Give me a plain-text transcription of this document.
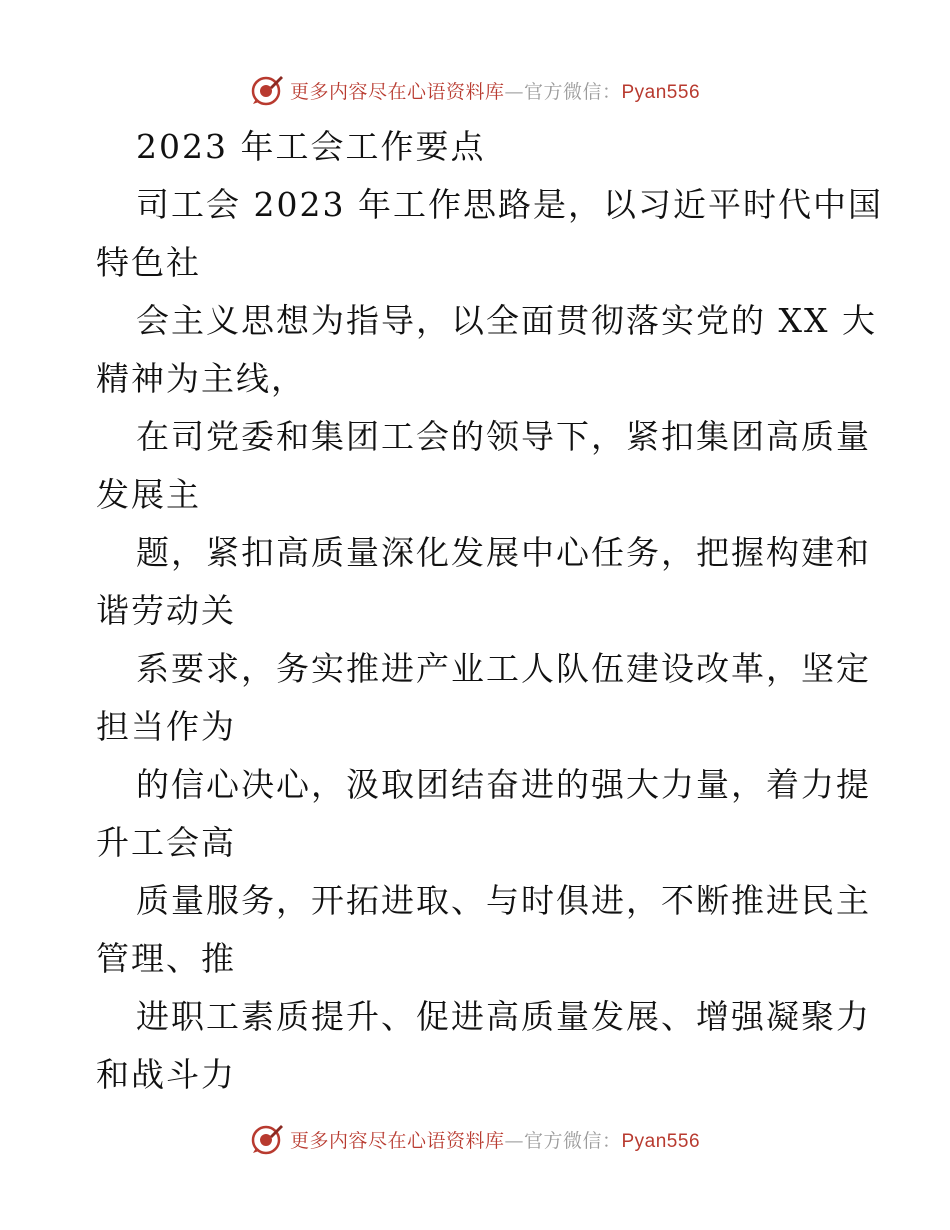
更多内容尽在心语资料库—官方微信：Pyan556
2023 年工会工作要点
司工会 2023 年工作思路是，以习近平时代中国
特色社
会主义思想为指导，以全面贯彻落实党的 XX 大
精神为主线，
在司党委和集团工会的领导下，紧扣集团高质量
发展主
题，紧扣高质量深化发展中心任务，把握构建和
谐劳动关
系要求，务实推进产业工人队伍建设改革，坚定
担当作为
的信心决心，汲取团结奋进的强大力量，着力提
升工会高
质量服务，开拓进取、与时俱进，不断推进民主
管理、推
进职工素质提升、促进高质量发展、增强凝聚力
和战斗力
更多内容尽在心语资料库—官方微信：Pyan556
